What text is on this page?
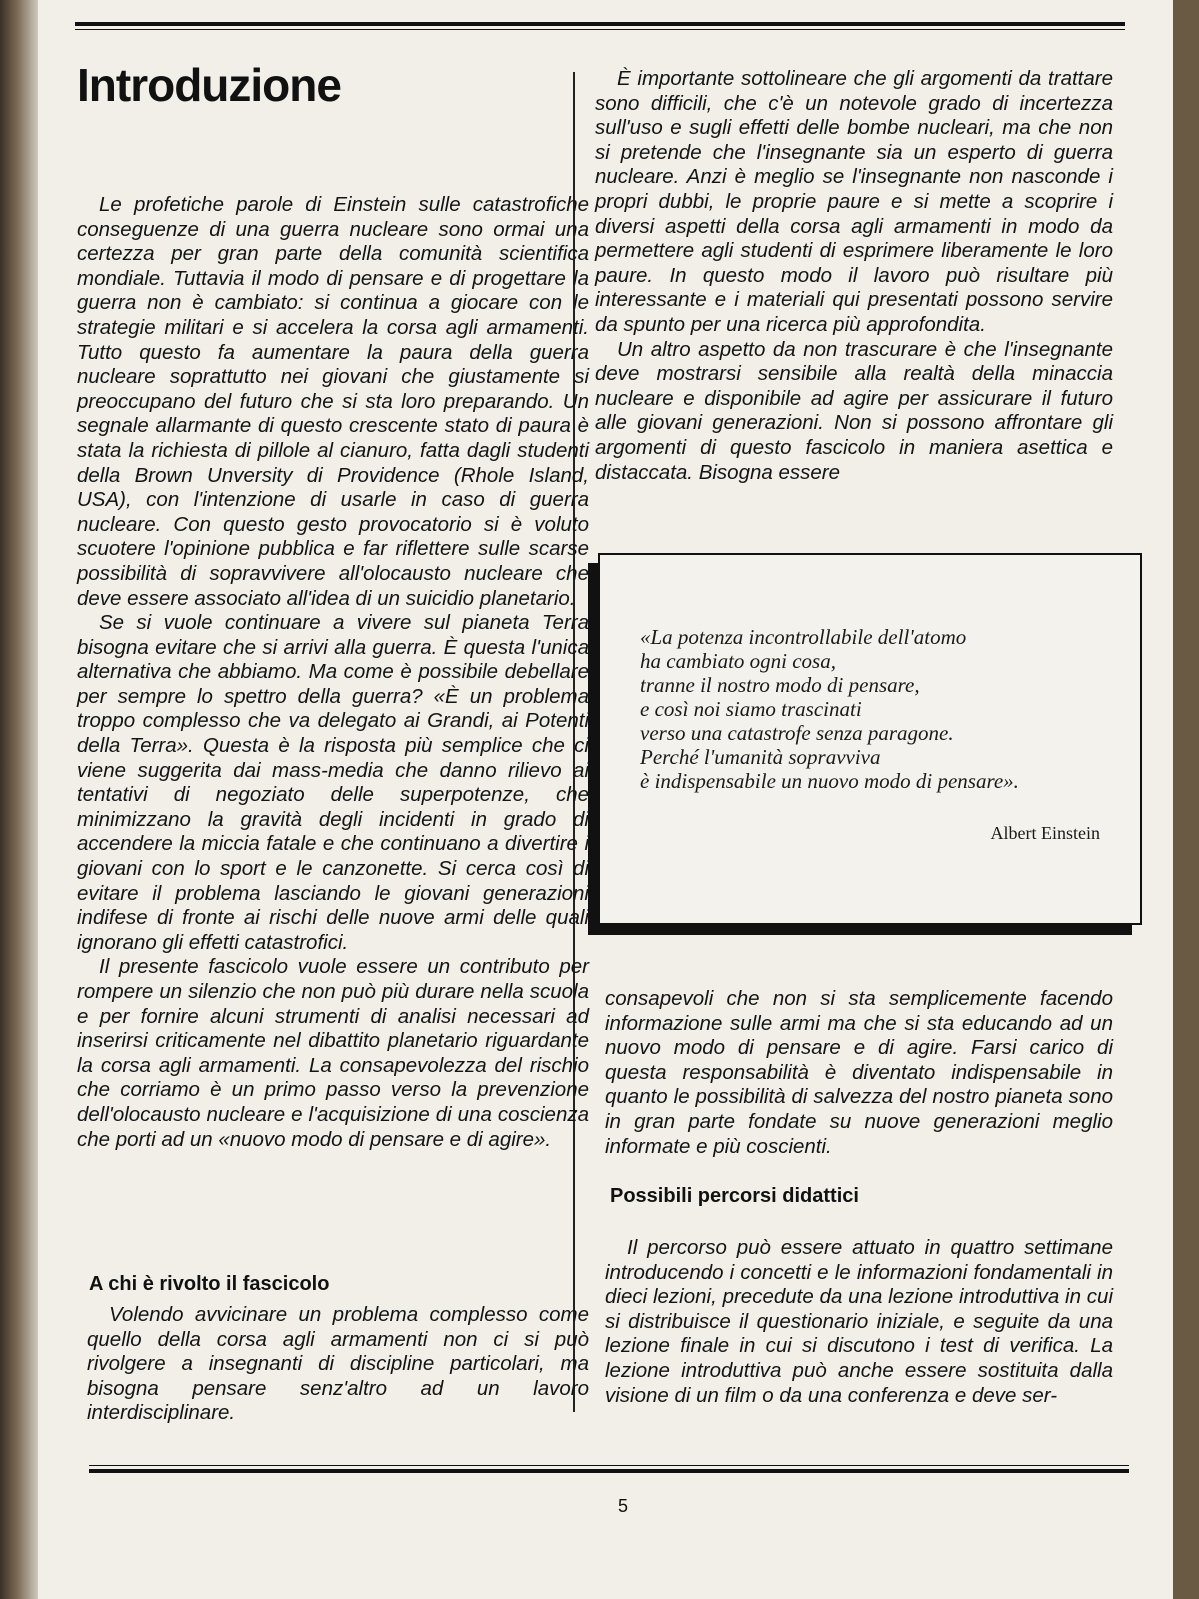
Introduzione

Le profetiche parole di Einstein sulle catastrofiche conseguenze di una guerra nucleare sono ormai una certezza per gran parte della comunità scientifica mondiale. Tuttavia il modo di pensare e di progettare la guerra non è cambiato: si continua a giocare con le strategie militari e si accelera la corsa agli armamenti. Tutto questo fa aumentare la paura della guerra nucleare soprattutto nei giovani che giustamente si preoccupano del futuro che si sta loro preparando. Un segnale allarmante di questo crescente stato di paura è stata la richiesta di pillole al cianuro, fatta dagli studenti della Brown Unversity di Providence (Rhole Island, USA), con l'intenzione di usarle in caso di guerra nucleare. Con questo gesto provocatorio si è voluto scuotere l'opinione pubblica e far riflettere sulle scarse possibilità di sopravvivere all'olocausto nucleare che deve essere associato all'idea di un suicidio planetario.

Se si vuole continuare a vivere sul pianeta Terra bisogna evitare che si arrivi alla guerra. È questa l'unica alternativa che abbiamo. Ma come è possibile debellare per sempre lo spettro della guerra? «È un problema troppo complesso che va delegato ai Grandi, ai Potenti della Terra». Questa è la risposta più semplice che ci viene suggerita dai mass-media che danno rilievo ai tentativi di negoziato delle superpotenze, che minimizzano la gravità degli incidenti in grado di accendere la miccia fatale e che continuano a divertire i giovani con lo sport e le canzonette. Si cerca così di evitare il problema lasciando le giovani generazioni indifese di fronte ai rischi delle nuove armi delle quali ignorano gli effetti catastrofici.

Il presente fascicolo vuole essere un contributo per rompere un silenzio che non può più durare nella scuola e per fornire alcuni strumenti di analisi necessari ad inserirsi criticamente nel dibattito planetario riguardante la corsa agli armamenti. La consapevolezza del rischio che corriamo è un primo passo verso la prevenzione dell'olocausto nucleare e l'acquisizione di una coscienza che porti ad un «nuovo modo di pensare e di agire».

A chi è rivolto il fascicolo

Volendo avvicinare un problema complesso come quello della corsa agli armamenti non ci si può rivolgere a insegnanti di discipline particolari, ma bisogna pensare senz'altro ad un lavoro interdisciplinare.

È importante sottolineare che gli argomenti da trattare sono difficili, che c'è un notevole grado di incertezza sull'uso e sugli effetti delle bombe nucleari, ma che non si pretende che l'insegnante sia un esperto di guerra nucleare. Anzi è meglio se l'insegnante non nasconde i propri dubbi, le proprie paure e si mette a scoprire i diversi aspetti della corsa agli armamenti in modo da permettere agli studenti di esprimere liberamente le loro paure. In questo modo il lavoro può risultare più interessante e i materiali qui presentati possono servire da spunto per una ricerca più approfondita.

Un altro aspetto da non trascurare è che l'insegnante deve mostrarsi sensibile alla realtà della minaccia nucleare e disponibile ad agire per assicurare il futuro alle giovani generazioni. Non si possono affrontare gli argomenti di questo fascicolo in maniera asettica e distaccata. Bisogna essere

«La potenza incontrollabile dell'atomo
ha cambiato ogni cosa,
tranne il nostro modo di pensare,
e così noi siamo trascinati
verso una catastrofe senza paragone.
Perché l'umanità sopravviva
è indispensabile un nuovo modo di pensare».
Albert Einstein

consapevoli che non si sta semplicemente facendo informazione sulle armi ma che si sta educando ad un nuovo modo di pensare e di agire. Farsi carico di questa responsabilità è diventato indispensabile in quanto le possibilità di salvezza del nostro pianeta sono in gran parte fondate su nuove generazioni meglio informate e più coscienti.

Possibili percorsi didattici

Il percorso può essere attuato in quattro settimane introducendo i concetti e le informazioni fondamentali in dieci lezioni, precedute da una lezione introduttiva in cui si distribuisce il questionario iniziale, e seguite da una lezione finale in cui si discutono i test di verifica. La lezione introduttiva può anche essere sostituita dalla visione di un film o da una conferenza e deve ser-

5
